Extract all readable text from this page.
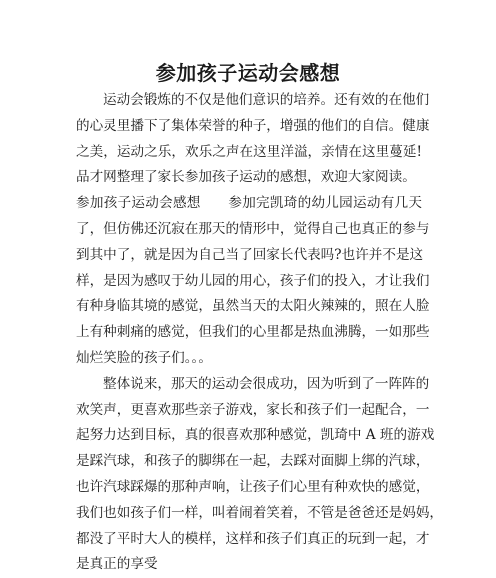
参加孩子运动会感想
运动会锻炼的不仅是他们意识的培养。还有效的在他们
的心灵里播下了集体荣誉的种子，增强的他们的自信。健康
之美，运动之乐，欢乐之声在这里洋溢，亲情在这里蔓延!
品才网整理了家长参加孩子运动的感想，欢迎大家阅读。
参加孩子运动会感想　　参加完凯琦的幼儿园运动有几天
了，但仿佛还沉寂在那天的情形中，觉得自己也真正的参与
到其中了，就是因为自己当了回家长代表吗?也许并不是这
样，是因为感叹于幼儿园的用心，孩子们的投入，才让我们
有种身临其境的感觉，虽然当天的太阳火辣辣的，照在人脸
上有种刺痛的感觉，但我们的心里都是热血沸腾，一如那些
灿烂笑脸的孩子们。。。
整体说来，那天的运动会很成功，因为听到了一阵阵的
欢笑声，更喜欢那些亲子游戏，家长和孩子们一起配合，一
起努力达到目标，真的很喜欢那种感觉，凯琦中 A 班的游戏
是踩汽球，和孩子的脚绑在一起，去踩对面脚上绑的汽球，
也许汽球踩爆的那种声响，让孩子们心里有种欢快的感觉，
我们也如孩子们一样，叫着闹着笑着，不管是爸爸还是妈妈，
都没了平时大人的模样，这样和孩子们真正的玩到一起，才
是真正的享受
